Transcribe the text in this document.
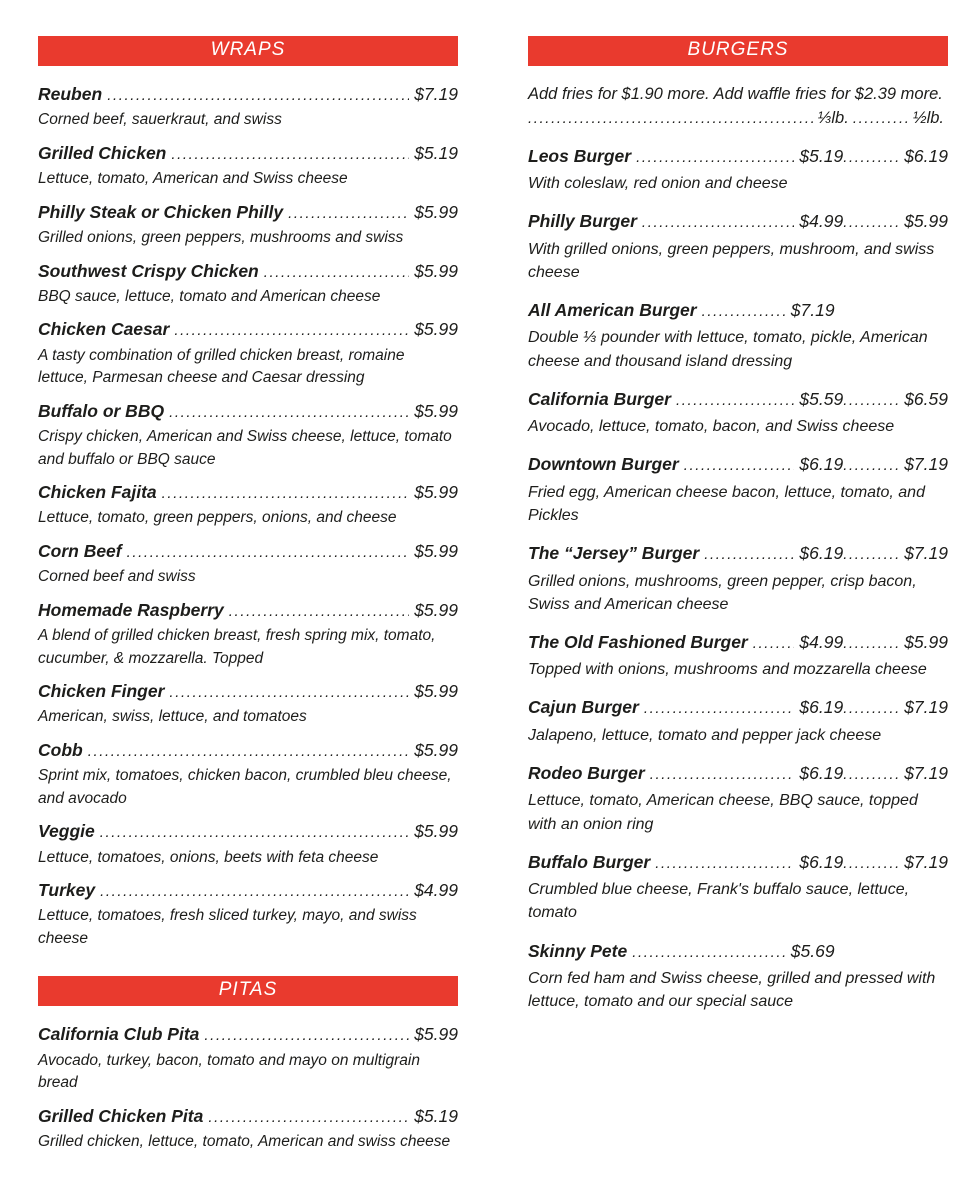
WRAPS
Reuben .....	$7.19
Corned beef, sauerkraut, and swiss
Grilled Chicken .....	$5.19
Lettuce, tomato, American and Swiss cheese
Philly Steak or Chicken Philly .....	$5.99
Grilled onions, green peppers, mushrooms and swiss
Southwest Crispy Chicken .....	$5.99
BBQ sauce, lettuce, tomato and American cheese
Chicken Caesar .....	$5.99
A tasty combination of grilled chicken breast, romaine lettuce, Parmesan cheese and Caesar dressing
Buffalo or BBQ .....	$5.99
Crispy chicken, American and Swiss cheese, lettuce, tomato and buffalo or BBQ sauce
Chicken Fajita .....	$5.99
Lettuce, tomato, green peppers, onions, and cheese
Corn Beef .....	$5.99
Corned beef and swiss
Homemade Raspberry .....	$5.99
A blend of grilled chicken breast, fresh spring mix, tomato, cucumber, & mozzarella. Topped
Chicken Finger .....	$5.99
American, swiss, lettuce, and tomatoes
Cobb .....	$5.99
Sprint mix, tomatoes, chicken bacon, crumbled bleu cheese, and avocado
Veggie .....	$5.99
Lettuce, tomatoes, onions, beets with feta cheese
Turkey .....	$4.99
Lettuce, tomatoes, fresh sliced turkey, mayo, and swiss cheese
PITAS
California Club Pita .....	$5.99
Avocado, turkey, bacon, tomato and mayo on multigrain bread
Grilled Chicken Pita .....	$5.19
Grilled chicken, lettuce, tomato, American and swiss cheese
BURGERS
Add fries for $1.90 more. Add waffle fries for $2.39 more.
.....
⅓lb. .....	½lb.
Leos Burger .....	$5.19 .....	$6.19
With coleslaw, red onion and cheese
Philly Burger .....	$4.99 .....	$5.99
With grilled onions, green peppers, mushroom, and swiss cheese
All American Burger .....	$7.19
Double ⅓ pounder with lettuce, tomato, pickle, American cheese and thousand island dressing
California Burger .....	$5.59 .....	$6.59
Avocado, lettuce, tomato, bacon, and Swiss cheese
Downtown Burger .....	$6.19 .....	$7.19
Fried egg, American cheese bacon, lettuce, tomato, and Pickles
The “Jersey” Burger .....	$6.19 .....	$7.19
Grilled onions, mushrooms, green pepper, crisp bacon, Swiss and American cheese
The Old Fashioned Burger .....	$4.99 .....	$5.99
Topped with onions, mushrooms and mozzarella cheese
Cajun Burger .....	$6.19 .....	$7.19
Jalapeno, lettuce, tomato and pepper jack cheese
Rodeo Burger .....	$6.19 .....	$7.19
Lettuce, tomato, American cheese, BBQ sauce, topped with an onion ring
Buffalo Burger .....	$6.19 .....	$7.19
Crumbled blue cheese, Frank's buffalo sauce, lettuce, tomato
Skinny Pete .....	$5.69
Corn fed ham and Swiss cheese, grilled and pressed with lettuce, tomato and our special sauce
